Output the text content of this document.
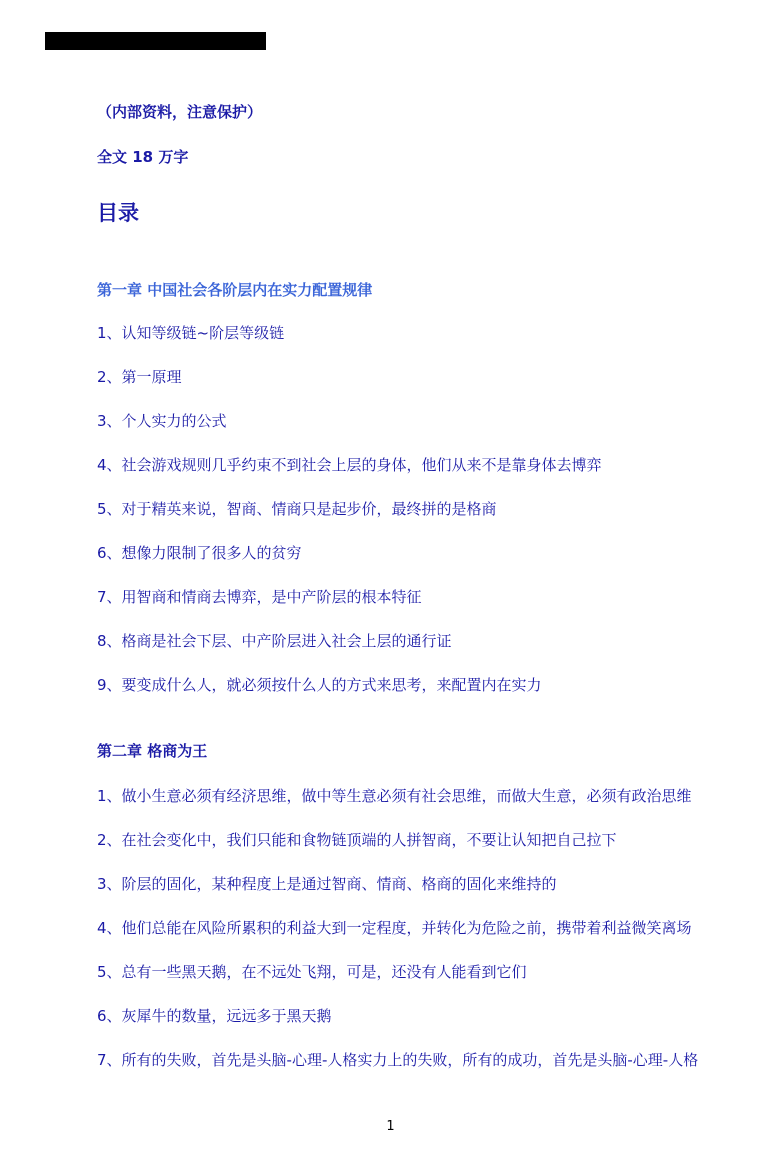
（内部资料，注意保护）
全文 18 万字
目录
第一章 中国社会各阶层内在实力配置规律
1、认知等级链~阶层等级链
2、第一原理
3、个人实力的公式
4、社会游戏规则几乎约束不到社会上层的身体，他们从来不是靠身体去博弈
5、对于精英来说，智商、情商只是起步价，最终拼的是格商
6、想像力限制了很多人的贫穷
7、用智商和情商去博弈，是中产阶层的根本特征
8、格商是社会下层、中产阶层进入社会上层的通行证
9、要变成什么人，就必须按什么人的方式来思考，来配置内在实力
第二章 格商为王
1、做小生意必须有经济思维，做中等生意必须有社会思维，而做大生意，必须有政治思维
2、在社会变化中，我们只能和食物链顶端的人拼智商，不要让认知把自己拉下
3、阶层的固化，某种程度上是通过智商、情商、格商的固化来维持的
4、他们总能在风险所累积的利益大到一定程度，并转化为危险之前，携带着利益微笑离场
5、总有一些黑天鹅，在不远处飞翔，可是，还没有人能看到它们
6、灰犀牛的数量，远远多于黑天鹅
7、所有的失败，首先是头脑-心理-人格实力上的失败，所有的成功，首先是头脑-心理-人格
1
